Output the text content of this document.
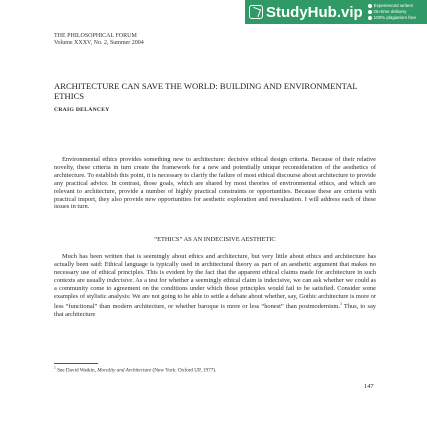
StudyHub.vip Experienced writers
On-time delivery
100% plagiarism free
THE PHILOSOPHICAL FORUM
Volume XXXV, No. 2, Summer 2004
ARCHITECTURE CAN SAVE THE WORLD: BUILDING AND ENVIRONMENTAL ETHICS
CRAIG DELANCEY

Environmental ethics provides something new to architecture: decisive ethical design criteria. Because of their relative novelty, these criteria in turn create the framework for a new and potentially unique reconsideration of the aesthetics of architecture. To establish this point, it is necessary to clarify the failure of most ethical discourse about architecture to provide any practical advice. In contrast, those goals, which are shared by most theories of environmental ethics, and which are relevant to architecture, provide a number of highly practical constraints or opportunities. Because these are criteria with practical import, they also provide new opportunities for aesthetic exploration and reevaluation. I will address each of these issues in turn.

“ETHICS” AS AN INDECISIVE AESTHETIC

Much has been written that is seemingly about ethics and architecture, but very little about ethics and architecture has actually been said: Ethical language is typically used in architectural theory as part of an aesthetic argument that makes no necessary use of ethical principles. This is evident by the fact that the apparent ethical claims made for architecture in such contexts are usually indecisive. As a test for whether a seemingly ethical claim is indecisive, we can ask whether we could as a community come to agreement on the conditions under which those principles would fail to be satisfied. Consider some examples of stylistic analysis: We are not going to be able to settle a debate about whether, say, Gothic architecture is more or less “functional” than modern architecture, or whether baroque is more or less “honest” than postmodernism.$^1$ Thus, to say that architecture

$^1$ See David Watkin, Morality and Architecture (New York: Oxford UP, 1977).
147
